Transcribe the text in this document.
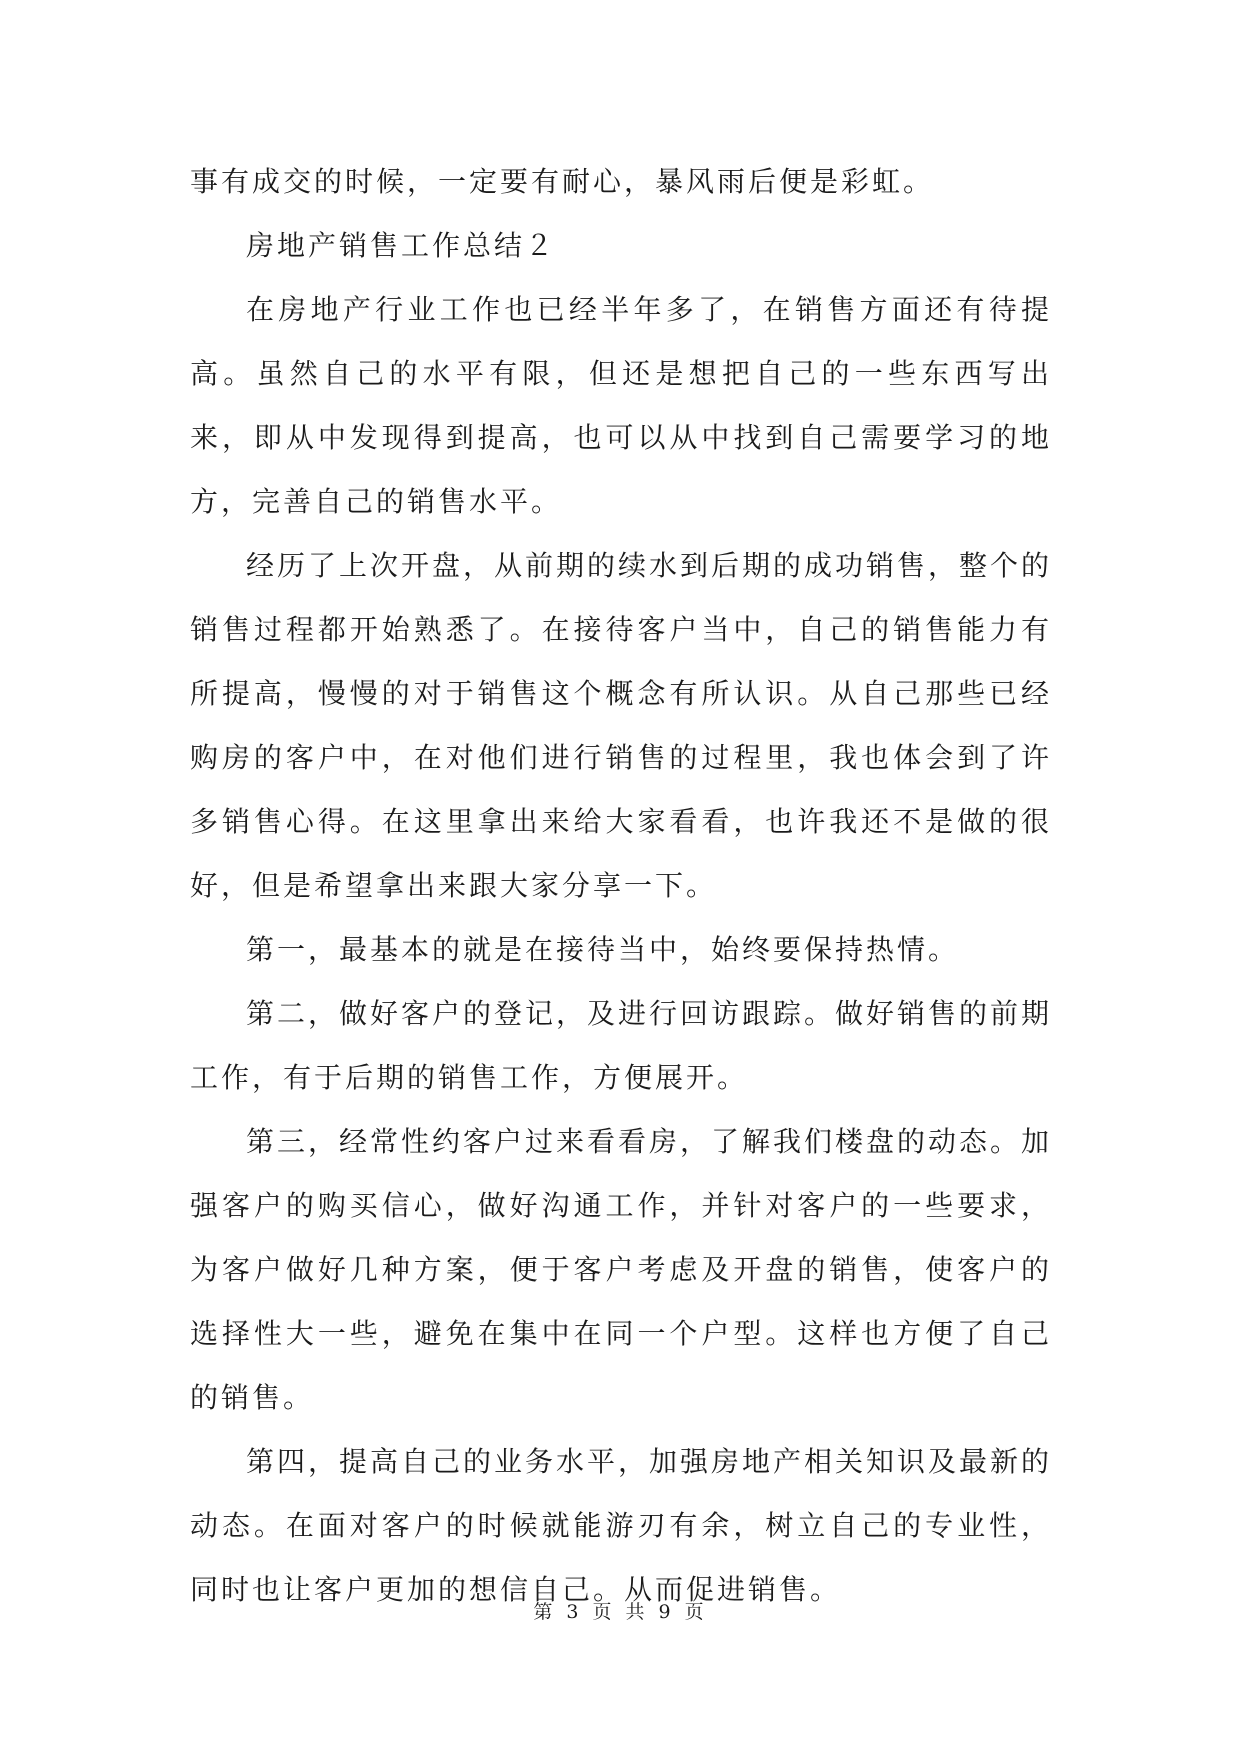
事有成交的时候，一定要有耐心，暴风雨后便是彩虹。

房地产销售工作总结２

在房地产行业工作也已经半年多了，在销售方面还有待提高。虽然自己的水平有限，但还是想把自己的一些东西写出来，即从中发现得到提高，也可以从中找到自己需要学习的地方，完善自己的销售水平。

经历了上次开盘，从前期的续水到后期的成功销售，整个的销售过程都开始熟悉了。在接待客户当中，自己的销售能力有所提高，慢慢的对于销售这个概念有所认识。从自己那些已经购房的客户中，在对他们进行销售的过程里，我也体会到了许多销售心得。在这里拿出来给大家看看，也许我还不是做的很好，但是希望拿出来跟大家分享一下。

第一，最基本的就是在接待当中，始终要保持热情。

第二，做好客户的登记，及进行回访跟踪。做好销售的前期工作，有于后期的销售工作，方便展开。

第三，经常性约客户过来看看房，了解我们楼盘的动态。加强客户的购买信心，做好沟通工作，并针对客户的一些要求，为客户做好几种方案，便于客户考虑及开盘的销售，使客户的选择性大一些，避免在集中在同一个户型。这样也方便了自己的销售。

第四，提高自己的业务水平，加强房地产相关知识及最新的动态。在面对客户的时候就能游刃有余，树立自己的专业性，同时也让客户更加的想信自己。从而促进销售。

第 3 页 共 9 页
